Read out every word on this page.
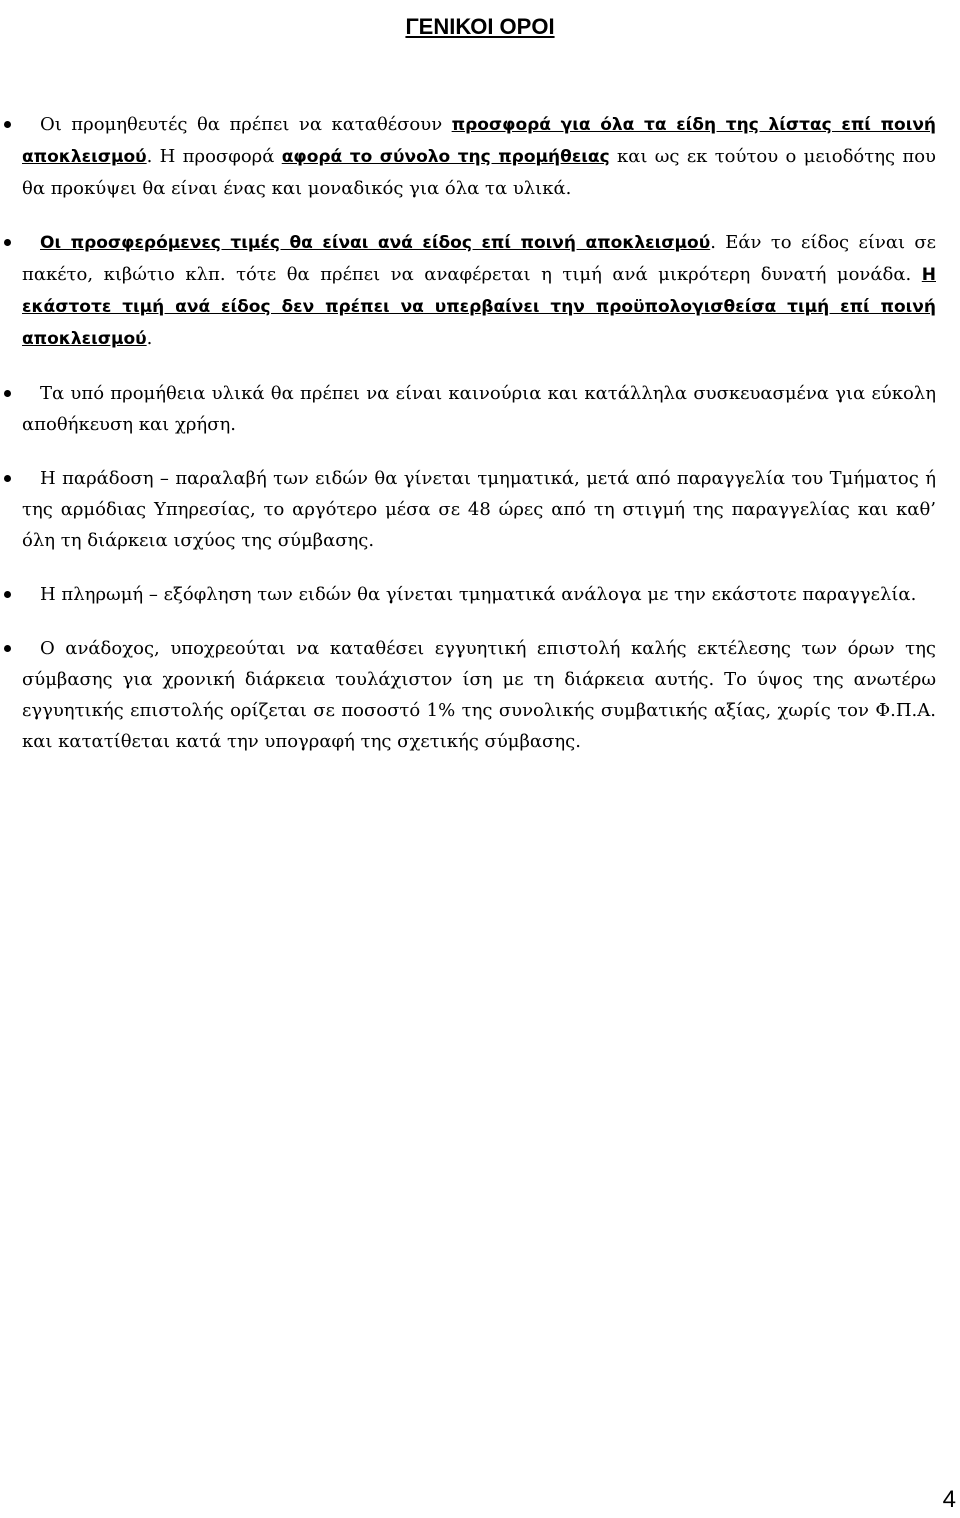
ΓΕΝΙΚΟΙ ΟΡΟΙ
Οι προμηθευτές θα πρέπει να καταθέσουν προσφορά για όλα τα είδη της λίστας επί ποινή αποκλεισμού. Η προσφορά αφορά το σύνολο της προμήθειας και ως εκ τούτου ο μειοδότης που θα προκύψει θα είναι ένας και μοναδικός για όλα τα υλικά.
Οι προσφερόμενες τιμές θα είναι ανά είδος επί ποινή αποκλεισμού. Εάν το είδος είναι σε πακέτο, κιβώτιο κλπ. τότε θα πρέπει να αναφέρεται η τιμή ανά μικρότερη δυνατή μονάδα. Η εκάστοτε τιμή ανά είδος δεν πρέπει να υπερβαίνει την προϋπολογισθείσα τιμή επί ποινή αποκλεισμού.
Τα υπό προμήθεια υλικά θα πρέπει να είναι καινούρια και κατάλληλα συσκευασμένα για εύκολη αποθήκευση και χρήση.
Η παράδοση – παραλαβή των ειδών θα γίνεται τμηματικά, μετά από παραγγελία του Τμήματος ή της αρμόδιας Υπηρεσίας, το αργότερο μέσα σε 48 ώρες από τη στιγμή της παραγγελίας και καθ’ όλη τη διάρκεια ισχύος της σύμβασης.
Η πληρωμή – εξόφληση των ειδών θα γίνεται τμηματικά ανάλογα με την εκάστοτε παραγγελία.
Ο ανάδοχος, υποχρεούται να καταθέσει εγγυητική επιστολή καλής εκτέλεσης των όρων της σύμβασης για χρονική διάρκεια τουλάχιστον ίση με τη διάρκεια αυτής. Το ύψος της ανωτέρω εγγυητικής επιστολής ορίζεται σε ποσοστό 1% της συνολικής συμβατικής αξίας, χωρίς τον Φ.Π.Α. και κατατίθεται κατά την υπογραφή της σχετικής σύμβασης.
4
